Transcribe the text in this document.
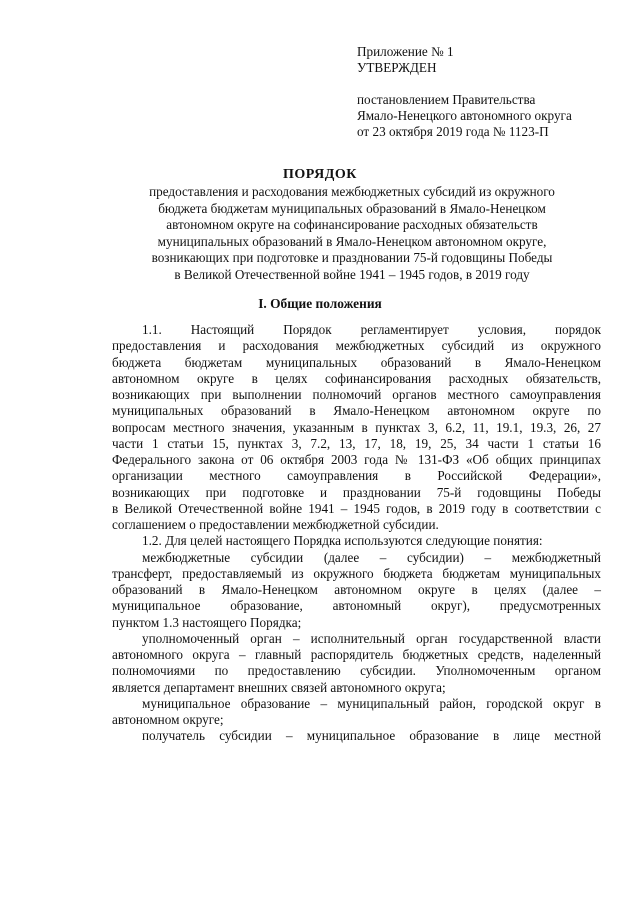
Приложение № 1
УТВЕРЖДЕН
постановлением Правительства
Ямало-Ненецкого автономного округа
от 23 октября 2019 года № 1123-П
ПОРЯДОК
предоставления и расходования межбюджетных субсидий из окружного
бюджета бюджетам муниципальных образований в Ямало-Ненецком
автономном округе на софинансирование расходных обязательств
муниципальных образований в Ямало-Ненецком автономном округе,
возникающих при подготовке и праздновании 75-й годовщины Победы
в Великой Отечественной войне 1941 – 1945 годов, в 2019 году
I. Общие положения
1.1. Настоящий Порядок регламентирует условия, порядок
предоставления и расходования межбюджетных субсидий из окружного
бюджета бюджетам муниципальных образований в Ямало-Ненецком
автономном округе в целях софинансирования расходных обязательств,
возникающих при выполнении полномочий органов местного самоуправления
муниципальных образований в Ямало-Ненецком автономном округе по
вопросам местного значения, указанным в пунктах 3, 6.2, 11, 19.1, 19.3, 26, 27
части 1 статьи 15, пунктах 3, 7.2, 13, 17, 18, 19, 25, 34 части 1 статьи 16
Федерального закона от 06 октября 2003 года № 131-ФЗ «Об общих принципах
организации местного самоуправления в Российской Федерации»,
возникающих при подготовке и праздновании 75-й годовщины Победы
в Великой Отечественной войне 1941 – 1945 годов, в 2019 году в соответствии с
соглашением о предоставлении межбюджетной субсидии.
1.2. Для целей настоящего Порядка используются следующие понятия:
межбюджетные субсидии (далее – субсидии) – межбюджетный
трансферт, предоставляемый из окружного бюджета бюджетам муниципальных
образований в Ямало-Ненецком автономном округе в целях (далее –
муниципальное образование, автономный округ), предусмотренных
пунктом 1.3 настоящего Порядка;
уполномоченный орган – исполнительный орган государственной власти
автономного округа – главный распорядитель бюджетных средств, наделенный
полномочиями по предоставлению субсидии. Уполномоченным органом
является департамент внешних связей автономного округа;
муниципальное образование – муниципальный район, городской округ в
автономном округе;
получатель субсидии – муниципальное образование в лице местной
